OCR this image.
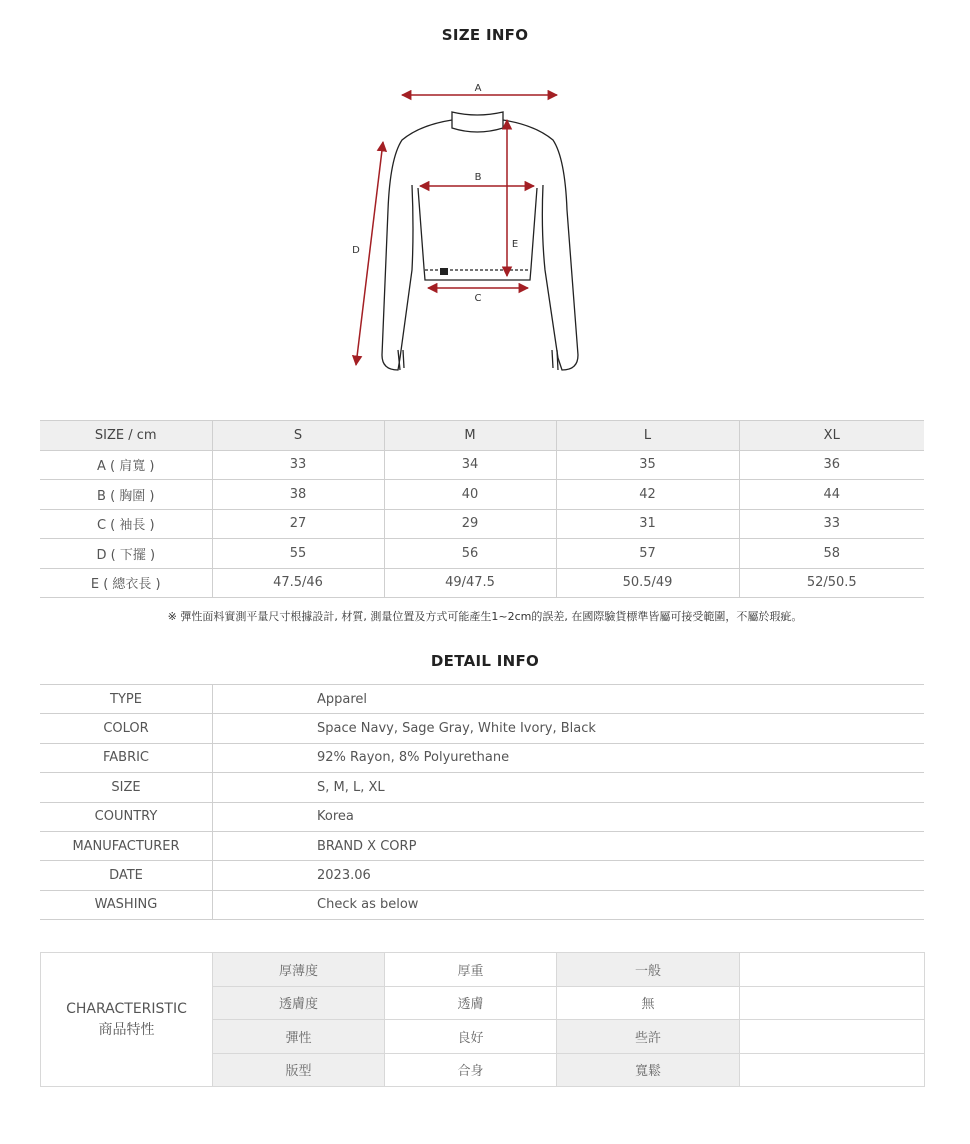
SIZE INFO
A
B
C
D
E
SIZE / cm	S	M	L	XL
A ( 肩寬 )	33	34	35	36
B ( 胸圍 )	38	40	42	44
C ( 袖長 )	27	29	31	33
D ( 下擺 )	55	56	57	58
E ( 總衣長 )	47.5/46	49/47.5	50.5/49	52/50.5
※ 彈性面料實測平量尺寸根據設計, 材質, 測量位置及方式可能產生1~2cm的誤差, 在國際驗貨標準皆屬可接受範圍，不屬於瑕疵。
DETAIL INFO
TYPE	Apparel
COLOR	Space Navy, Sage Gray, White Ivory, Black
FABRIC	92% Rayon, 8% Polyurethane
SIZE	S, M, L, XL
COUNTRY	Korea
MANUFACTURER	BRAND X CORP
DATE	2023.06
WASHING	Check as below
CHARACTERISTIC
商品特性	厚薄度	厚重	一般	
	透膚度	透膚	無	
	彈性	良好	些許	
	版型	合身	寬鬆	
